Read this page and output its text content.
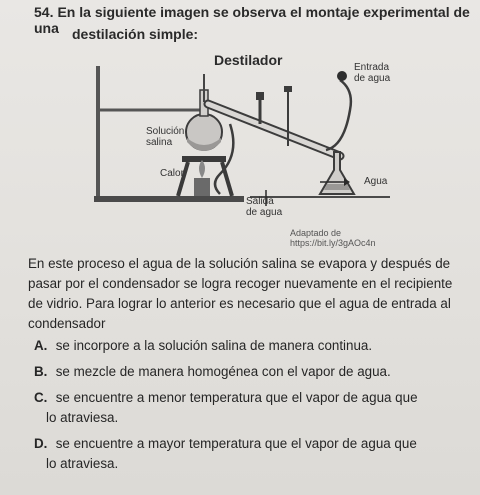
54. En la siguiente imagen se observa el montaje experimental de una destilación simple:
Destilador	Entrada
de agua
Solución
salina
Calor
Agua
Salida
de agua
Adaptado de https://bit.ly/3gAOc4n
En este proceso el agua de la solución salina se evapora y después de
pasar por el condensador se logra recoger nuevamente en el recipiente
de vidrio. Para lograr lo anterior es necesario que el agua de entrada al
condensador
A. se incorpore a la solución salina de manera continua.
B. se mezcle de manera homogénea con el vapor de agua.
C. se encuentre a menor temperatura que el vapor de agua que
lo atraviesa.
D. se encuentre a mayor temperatura que el vapor de agua que
lo atraviesa.
